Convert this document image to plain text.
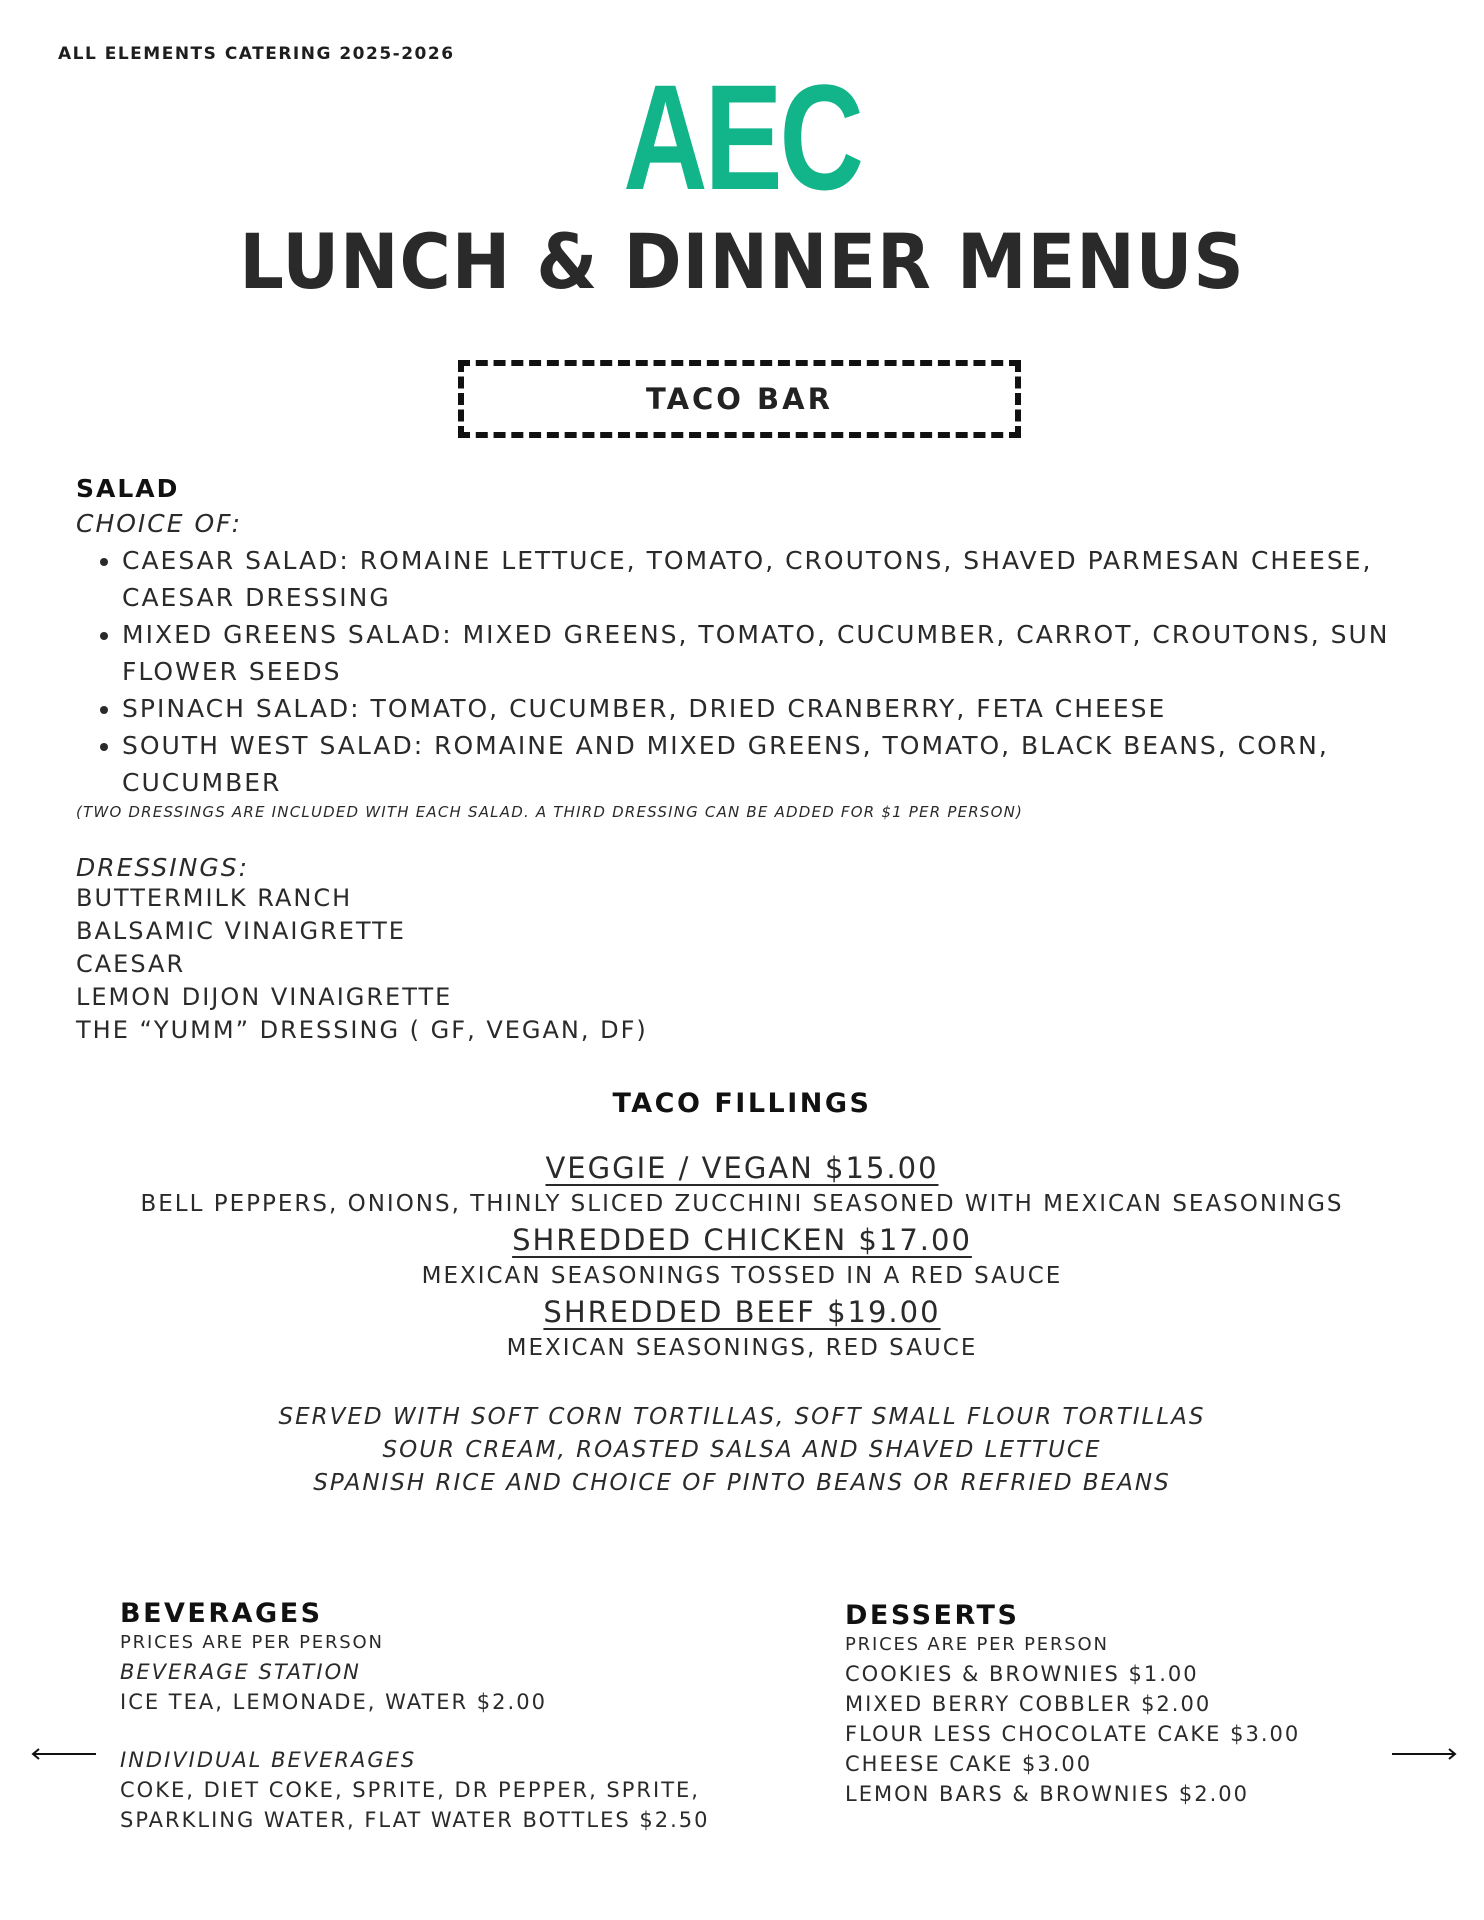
ALL ELEMENTS CATERING 2025-2026	AEC
LUNCH & DINNER MENUS
TACO BAR
SALAD
CHOICE OF:
• CAESAR SALAD: ROMAINE LETTUCE, TOMATO, CROUTONS, SHAVED PARMESAN CHEESE, CAESAR DRESSING
• MIXED GREENS SALAD: MIXED GREENS, TOMATO, CUCUMBER, CARROT, CROUTONS, SUN FLOWER SEEDS
• SPINACH SALAD: TOMATO, CUCUMBER, DRIED CRANBERRY, FETA CHEESE
• SOUTH WEST SALAD: ROMAINE AND MIXED GREENS, TOMATO, BLACK BEANS, CORN, CUCUMBER
(TWO DRESSINGS ARE INCLUDED WITH EACH SALAD. A THIRD DRESSING CAN BE ADDED FOR $1 PER PERSON)
DRESSINGS:
BUTTERMILK RANCH
BALSAMIC VINAIGRETTE
CAESAR
LEMON DIJON VINAIGRETTE
THE “YUMM” DRESSING ( GF, VEGAN, DF)
TACO FILLINGS
VEGGIE / VEGAN $15.00
BELL PEPPERS, ONIONS, THINLY SLICED ZUCCHINI SEASONED WITH MEXICAN SEASONINGS
SHREDDED CHICKEN $17.00
MEXICAN SEASONINGS TOSSED IN A RED SAUCE
SHREDDED BEEF $19.00
MEXICAN SEASONINGS, RED SAUCE
SERVED WITH SOFT CORN TORTILLAS, SOFT SMALL FLOUR TORTILLAS
SOUR CREAM, ROASTED SALSA AND SHAVED LETTUCE
SPANISH RICE AND CHOICE OF PINTO BEANS OR REFRIED BEANS
BEVERAGES
PRICES ARE PER PERSON
BEVERAGE STATION
ICE TEA, LEMONADE, WATER $2.00
INDIVIDUAL BEVERAGES
COKE, DIET COKE, SPRITE, DR PEPPER, SPRITE,
SPARKLING WATER, FLAT WATER BOTTLES $2.50
DESSERTS
PRICES ARE PER PERSON
COOKIES & BROWNIES $1.00
MIXED BERRY COBBLER $2.00
FLOUR LESS CHOCOLATE CAKE $3.00
CHEESE CAKE $3.00
LEMON BARS & BROWNIES $2.00
